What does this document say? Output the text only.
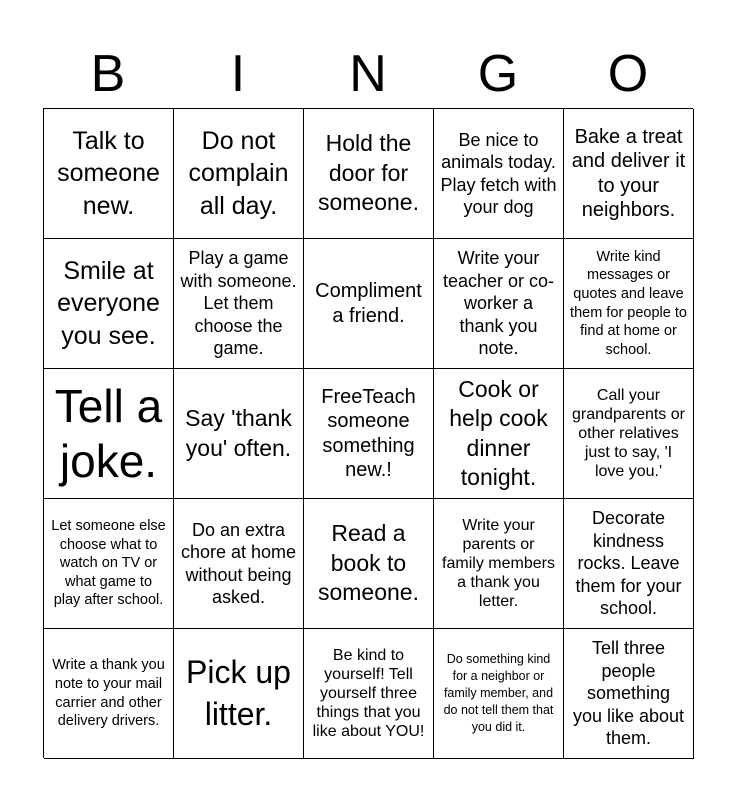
B	I	N	G	O
Talk to someone new.
Do not complain all day.
Hold the door for someone.
Be nice to animals today. Play fetch with your dog
Bake a treat and deliver it to your neighbors.
Smile at everyone you see.
Play a game with someone. Let them choose the game.
Compliment a friend.
Write your teacher or co-worker a thank you note.
Write kind messages or quotes and leave them for people to find at home or school.
Tell a joke.
Say 'thank you' often.
FreeTeach someone something new.!
Cook or help cook dinner tonight.
Call your grandparents or other relatives just to say, 'I love you.'
Let someone else choose what to watch on TV or what game to play after school.
Do an extra chore at home without being asked.
Read a book to someone.
Write your parents or family members a thank you letter.
Decorate kindness rocks. Leave them for your school.
Write a thank you note to your mail carrier and other delivery drivers.
Pick up litter.
Be kind to yourself! Tell yourself three things that you like about YOU!
Do something kind for a neighbor or family member, and do not tell them that you did it.
Tell three people something you like about them.
